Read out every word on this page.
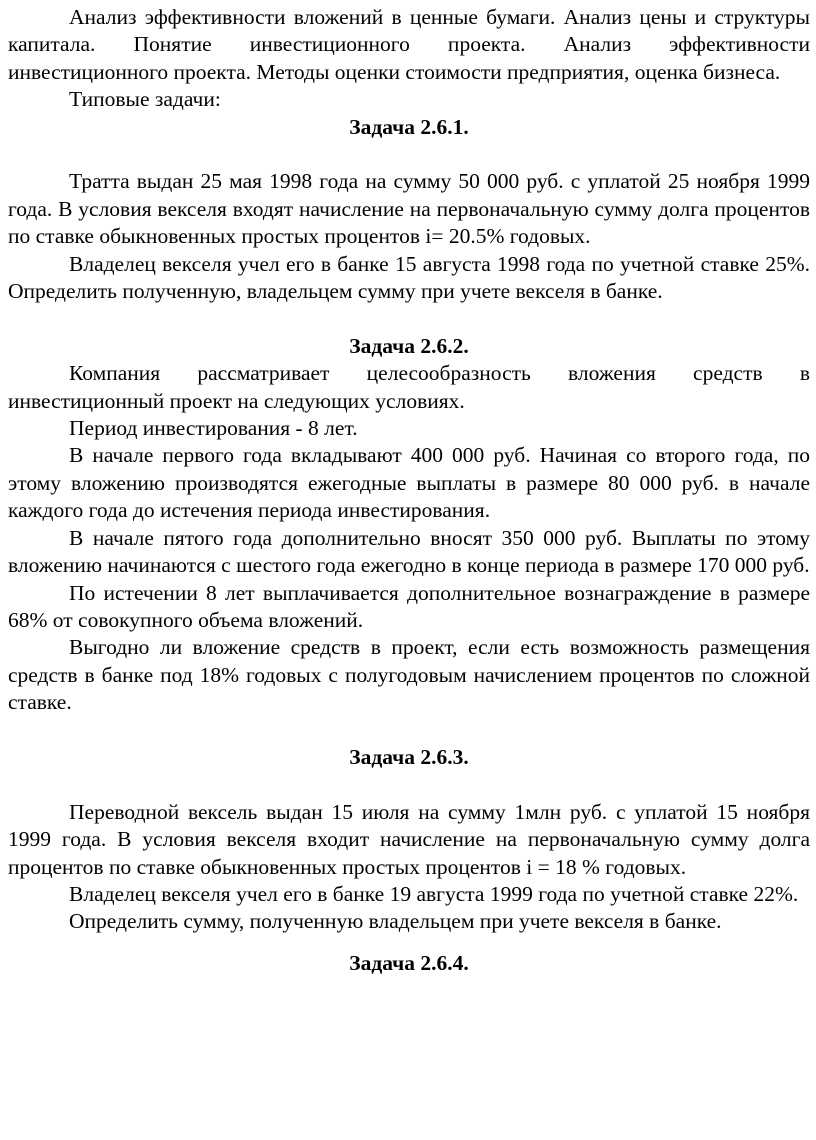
Анализ эффективности вложений в ценные бумаги. Анализ цены и структуры капитала. Понятие инвестиционного проекта. Анализ эффективности инвестиционного проекта. Методы оценки стоимости предприятия, оценка бизнеса.

Типовые задачи:

Задача 2.6.1.

Тратта выдан 25 мая 1998 года на сумму 50 000 руб. с уплатой 25 ноября 1999 года. В условия векселя входят начисление на первоначальную сумму долга процентов по ставке обыкновенных простых процентов i= 20.5% годовых.

Владелец векселя учел его в банке 15 августа 1998 года по учетной ставке 25%. Определить полученную, владельцем сумму при учете векселя в банке.

Задача 2.6.2.

Компания рассматривает целесообразность вложения средств в инвестиционный проект на следующих условиях.

Период инвестирования - 8 лет.

В начале первого года вкладывают 400 000 руб. Начиная со второго года, по этому вложению производятся ежегодные выплаты в размере 80 000 руб. в начале каждого года до истечения периода инвестирования.

В начале пятого года дополнительно вносят 350 000 руб. Выплаты по этому вложению начинаются с шестого года ежегодно в конце периода в размере 170 000 руб.

По истечении 8 лет выплачивается дополнительное вознаграждение в размере 68% от совокупного объема вложений.

Выгодно ли вложение средств в проект, если есть возможность размещения средств в банке под 18% годовых с полугодовым начислением процентов по сложной ставке.

Задача 2.6.3.

Переводной вексель выдан 15 июля на сумму 1млн руб. с уплатой 15 ноября 1999 года. В условия векселя входит начисление на первоначальную сумму долга процентов по ставке обыкновенных простых процентов i = 18 % годовых.

Владелец векселя учел его в банке 19 августа 1999 года по учетной ставке 22%.

Определить сумму, полученную владельцем при учете векселя в банке.

Задача 2.6.4.
